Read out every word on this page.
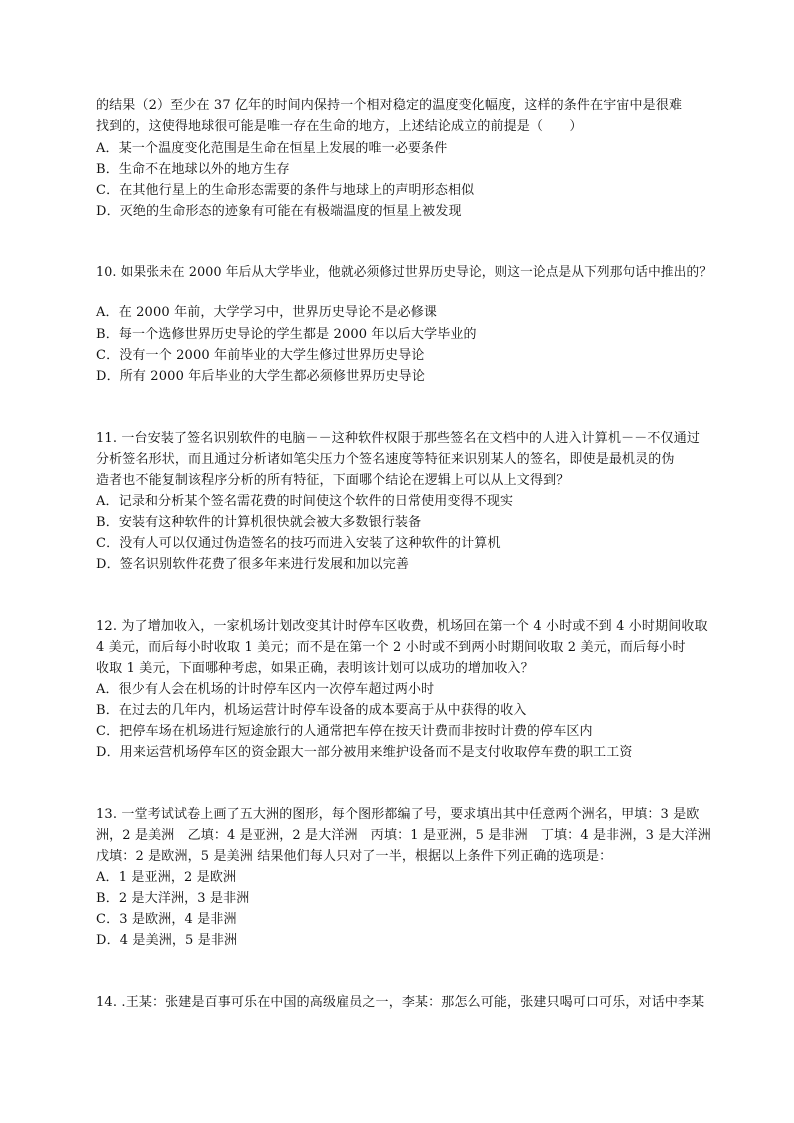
的结果（2）至少在 37 亿年的时间内保持一个相对稳定的温度变化幅度，这样的条件在宇宙中是很难
找到的，这使得地球很可能是唯一存在生命的地方，上述结论成立的前提是（　　）
A．某一个温度变化范围是生命在恒星上发展的唯一必要条件
B．生命不在地球以外的地方生存
C．在其他行星上的生命形态需要的条件与地球上的声明形态相似
D．灭绝的生命形态的迹象有可能在有极端温度的恒星上被发现
10. 如果张未在 2000 年后从大学毕业，他就必须修过世界历史导论，则这一论点是从下列那句话中推出的？
A．在 2000 年前，大学学习中，世界历史导论不是必修课
B．每一个选修世界历史导论的学生都是 2000 年以后大学毕业的
C．没有一个 2000 年前毕业的大学生修过世界历史导论
D．所有 2000 年后毕业的大学生都必须修世界历史导论
11. 一台安装了签名识别软件的电脑－－这种软件权限于那些签名在文档中的人进入计算机－－不仅通过
分析签名形状，而且通过分析诸如笔尖压力个签名速度等特征来识别某人的签名，即使是最机灵的伪
造者也不能复制该程序分析的所有特征，下面哪个结论在逻辑上可以从上文得到？
A．记录和分析某个签名需花费的时间使这个软件的日常使用变得不现实
B．安装有这种软件的计算机很快就会被大多数银行装备
C．没有人可以仅通过伪造签名的技巧而进入安装了这种软件的计算机
D．签名识别软件花费了很多年来进行发展和加以完善
12. 为了增加收入，一家机场计划改变其计时停车区收费，机场回在第一个 4 小时或不到 4 小时期间收取
4 美元，而后每小时收取 1 美元；而不是在第一个 2 小时或不到两小时期间收取 2 美元，而后每小时
收取 1 美元，下面哪种考虑，如果正确，表明该计划可以成功的增加收入？
A．很少有人会在机场的计时停车区内一次停车超过两小时
B．在过去的几年内，机场运营计时停车设备的成本要高于从中获得的收入
C．把停车场在机场进行短途旅行的人通常把车停在按天计费而非按时计费的停车区内
D．用来运营机场停车区的资金跟大一部分被用来维护设备而不是支付收取停车费的职工工资
13. 一堂考试试卷上画了五大洲的图形，每个图形都编了号，要求填出其中任意两个洲名，甲填：3 是欧
洲，2 是美洲　乙填：4 是亚洲，2 是大洋洲　丙填：1 是亚洲，5 是非洲　丁填：4 是非洲，3 是大洋洲
戊填：2 是欧洲，5 是美洲 结果他们每人只对了一半，根据以上条件下列正确的选项是：
A．1 是亚洲，2 是欧洲
B．2 是大洋洲，3 是非洲
C．3 是欧洲，4 是非洲
D．4 是美洲，5 是非洲
14. .王某：张建是百事可乐在中国的高级雇员之一，李某：那怎么可能，张建只喝可口可乐，对话中李某
